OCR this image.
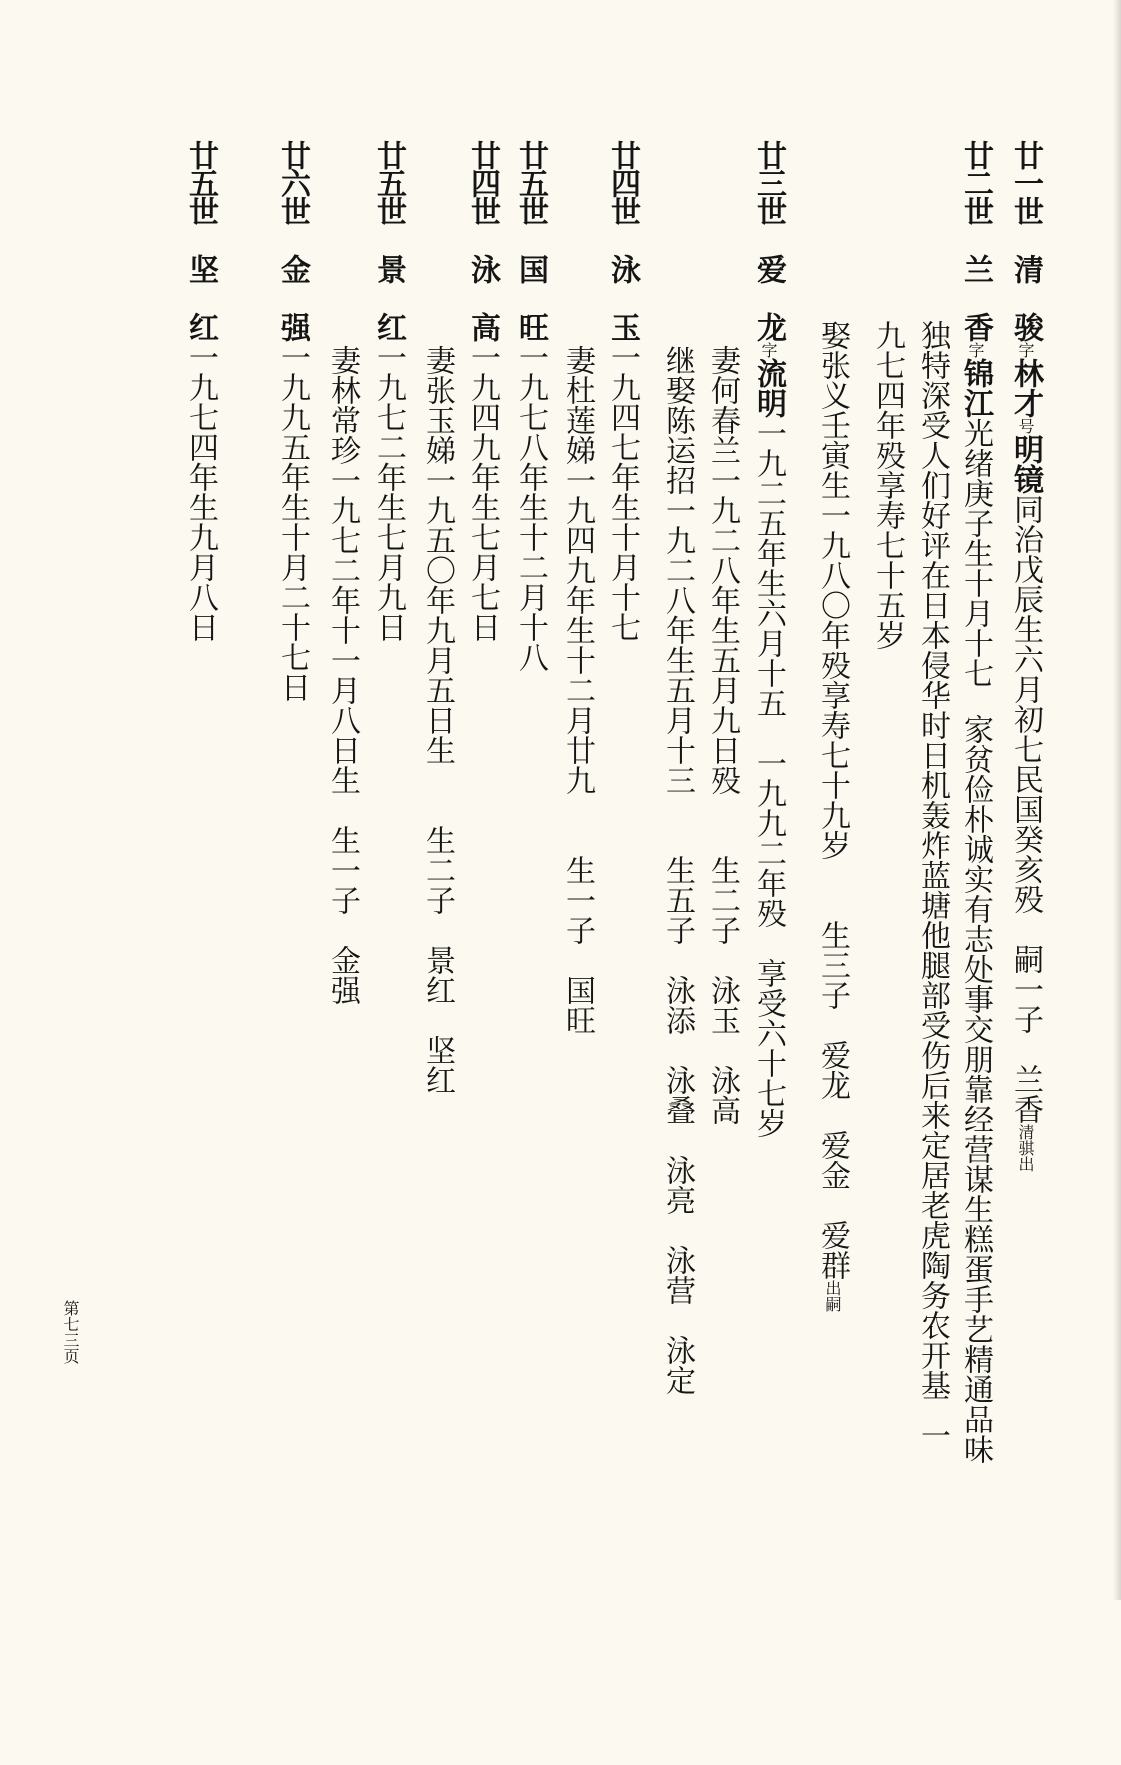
廿一世清骏字林才号明镜同治戊辰生六月初七民国癸亥殁嗣一子兰香清骐出
廿二世兰香字锦江光绪庚子生十月十七家贫俭朴诚实有志处事交朋靠经营谋生糕蛋手艺精通品味
独特深受人们好评在日本侵华时日机轰炸蓝塘他腿部受伤后来定居老虎陶务农开基一
九七四年殁享寿七十五岁
娶张义壬寅生一九八〇年殁享寿七十九岁生三子爱龙爱金爱群出嗣
廿三世爱龙字流明一九二五年生六月十五一九九二年殁享受六十七岁
妻何春兰一九二八年生五月九日殁生二子泳玉泳高
继娶陈运招一九二八年生五月十三生五子泳添泳叠泳亮泳营泳定
廿四世泳玉一九四七年生十月十七
妻杜莲娣一九四九年生十二月廿九生一子国旺
廿五世国旺一九七八年生十二月十八
廿四世泳高一九四九年生七月七日
妻张玉娣一九五〇年九月五日生生二子景红坚红
廿五世景红一九七二年生七月九日
妻林常珍一九七二年十一月八日生生一子金强
廿六世金强一九九五年生十月二十七日
廿五世坚红一九七四年生九月八日
第七三页
